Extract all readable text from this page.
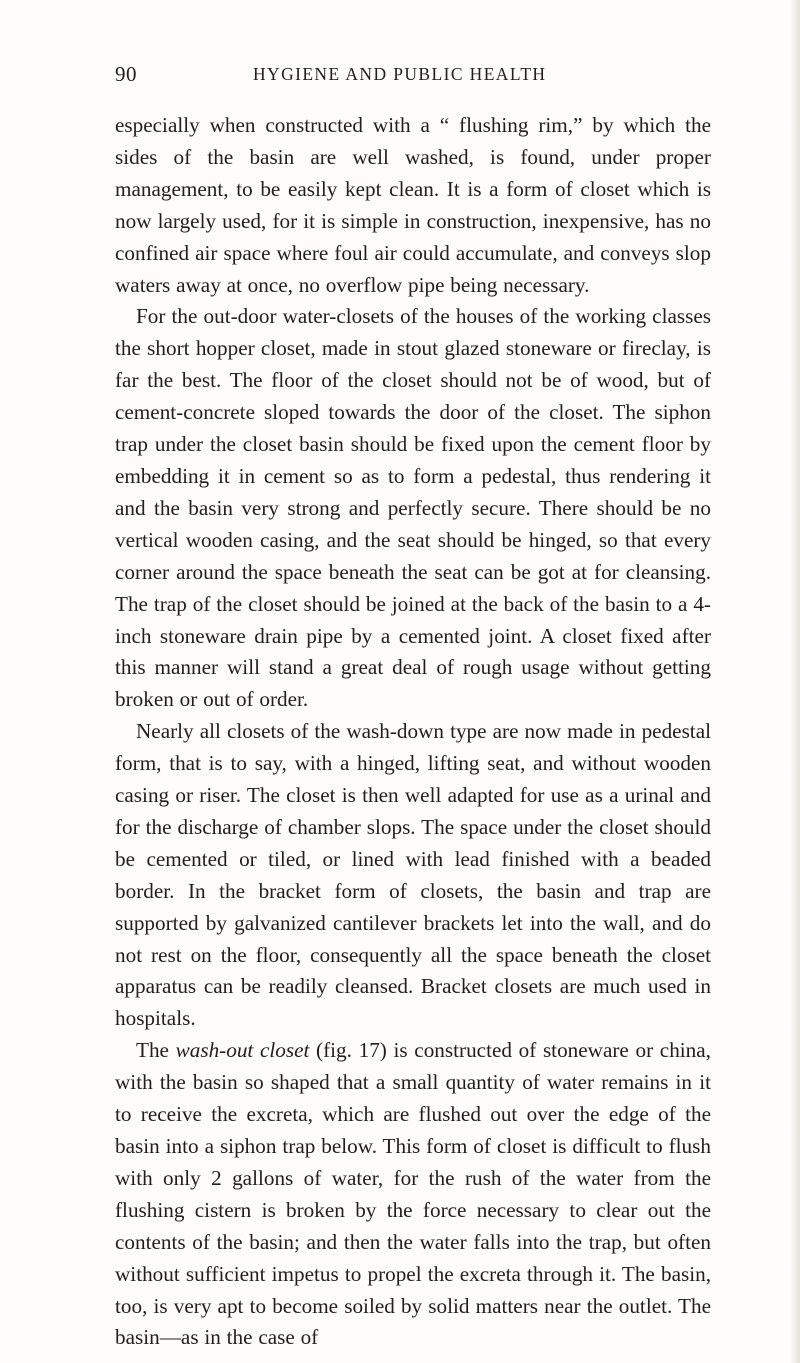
90	HYGIENE AND PUBLIC HEALTH

especially when constructed with a “ flushing rim,” by which the sides of the basin are well washed, is found, under proper management, to be easily kept clean. It is a form of closet which is now largely used, for it is simple in construction, inexpensive, has no confined air space where foul air could accumulate, and conveys slop waters away at once, no overflow pipe being necessary.

For the out-door water-closets of the houses of the working classes the short hopper closet, made in stout glazed stoneware or fireclay, is far the best. The floor of the closet should not be of wood, but of cement-concrete sloped towards the door of the closet. The siphon trap under the closet basin should be fixed upon the cement floor by embedding it in cement so as to form a pedestal, thus rendering it and the basin very strong and perfectly secure. There should be no vertical wooden casing, and the seat should be hinged, so that every corner around the space beneath the seat can be got at for cleansing. The trap of the closet should be joined at the back of the basin to a 4-inch stoneware drain pipe by a cemented joint. A closet fixed after this manner will stand a great deal of rough usage without getting broken or out of order.

Nearly all closets of the wash-down type are now made in pedestal form, that is to say, with a hinged, lifting seat, and without wooden casing or riser. The closet is then well adapted for use as a urinal and for the discharge of chamber slops. The space under the closet should be cemented or tiled, or lined with lead finished with a beaded border. In the bracket form of closets, the basin and trap are supported by galvanized cantilever brackets let into the wall, and do not rest on the floor, consequently all the space beneath the closet apparatus can be readily cleansed. Bracket closets are much used in hospitals.

The wash-out closet (fig. 17) is constructed of stoneware or china, with the basin so shaped that a small quantity of water remains in it to receive the excreta, which are flushed out over the edge of the basin into a siphon trap below. This form of closet is difficult to flush with only 2 gallons of water, for the rush of the water from the flushing cistern is broken by the force necessary to clear out the contents of the basin; and then the water falls into the trap, but often without sufficient impetus to propel the excreta through it. The basin, too, is very apt to become soiled by solid matters near the outlet. The basin—as in the case of
